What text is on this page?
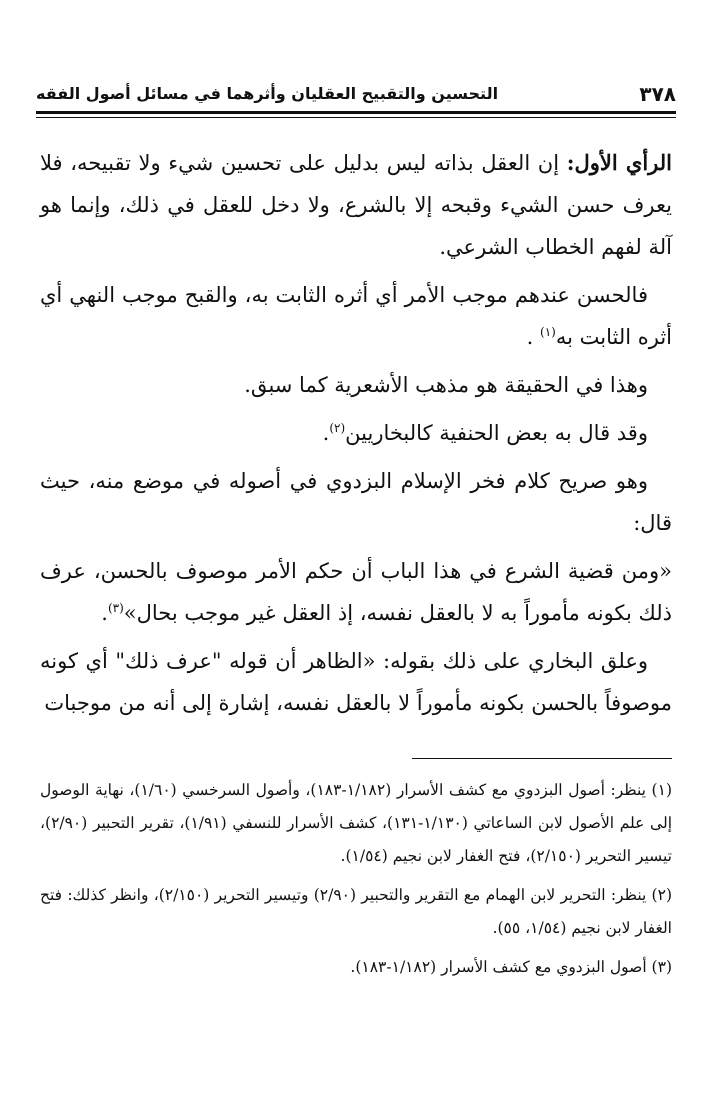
٣٧٨
التحسين والتقبيح العقليان وأثرهما في مسائل أصول الفقه

الرأي الأول: إن العقل بذاته ليس بدليل على تحسين شيء ولا تقبيحه، فلا يعرف حسن الشيء وقبحه إلا بالشرع، ولا دخل للعقل في ذلك، وإنما هو آلة لفهم الخطاب الشرعي.

فالحسن عندهم موجب الأمر أي أثره الثابت به، والقبح موجب النهي أي أثره الثابت به$^{(١)}$ .

وهذا في الحقيقة هو مذهب الأشعرية كما سبق.

وقد قال به بعض الحنفية كالبخاريين$^{(٢)}$.

وهو صريح كلام فخر الإسلام البزدوي في أصوله في موضع منه، حيث قال:

«ومن قضية الشرع في هذا الباب أن حكم الأمر موصوف بالحسن، عرف ذلك بكونه مأموراً به لا بالعقل نفسه، إذ العقل غير موجب بحال»$^{(٣)}$.

وعلق البخاري على ذلك بقوله: «الظاهر أن قوله "عرف ذلك" أي كونه موصوفاً بالحسن بكونه مأموراً لا بالعقل نفسه، إشارة إلى أنه من موجبات

(١) ينظر: أصول البزدوي مع كشف الأسرار (١/١٨٢-١٨٣)، وأصول السرخسي (١/٦٠)، نهاية الوصول إلى علم الأصول لابن الساعاتي (١/١٣٠-١٣١)، كشف الأسرار للنسفي (١/٩١)، تقرير التحبير (٢/٩٠)، تيسير التحرير (٢/١٥٠)، فتح الغفار لابن نجيم (١/٥٤).

(٢) ينظر: التحرير لابن الهمام مع التقرير والتحبير (٢/٩٠) وتيسير التحرير (٢/١٥٠)، وانظر كذلك: فتح الغفار لابن نجيم (١/٥٤، ٥٥).

(٣) أصول البزدوي مع كشف الأسرار (١/١٨٢-١٨٣).
